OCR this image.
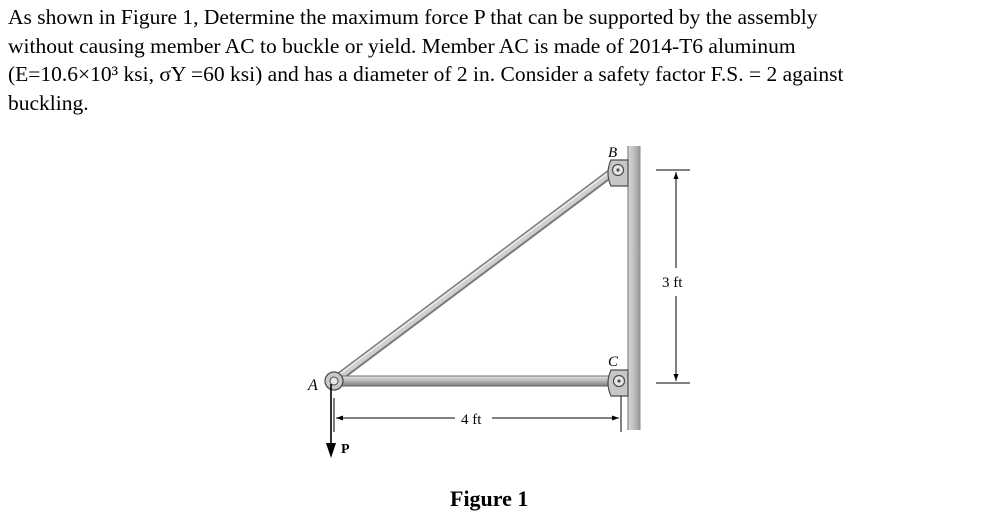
As shown in Figure 1, Determine the maximum force P that can be supported by the assembly
without causing member AC to buckle or yield. Member AC is made of 2014-T6 aluminum
(E=10.6×10³ ksi, σY =60 ksi) and has a diameter of 2 in. Consider a safety factor F.S. = 2 against
buckling.
A
B
C
P
4 ft
3 ft

Figure 1
